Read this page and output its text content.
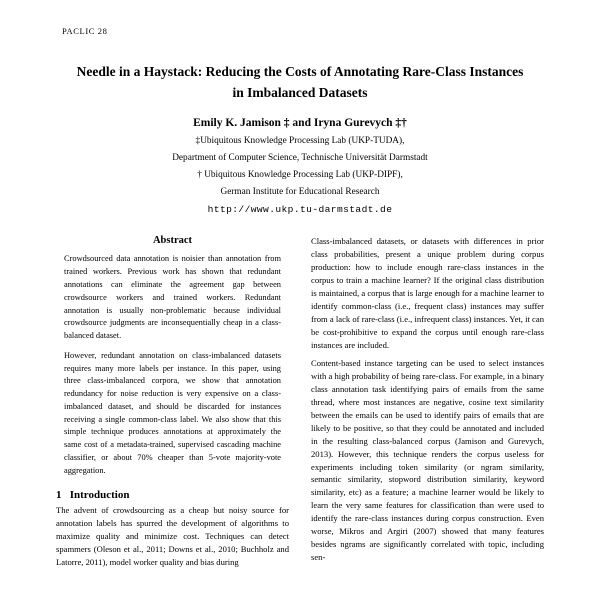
PACLIC 28
Needle in a Haystack: Reducing the Costs of Annotating Rare-Class Instances in Imbalanced Datasets
Emily K. Jamison ‡ and Iryna Gurevych ‡†
‡Ubiquitous Knowledge Processing Lab (UKP-TUDA),
Department of Computer Science, Technische Universität Darmstadt
† Ubiquitous Knowledge Processing Lab (UKP-DIPF),
German Institute for Educational Research
http://www.ukp.tu-darmstadt.de
Abstract

Crowdsourced data annotation is noisier than annotation from trained workers. Previous work has shown that redundant annotations can eliminate the agreement gap between crowdsource workers and trained workers. Redundant annotation is usually non-problematic because individual crowdsource judgments are inconsequentially cheap in a class-balanced dataset.

However, redundant annotation on class-imbalanced datasets requires many more labels per instance. In this paper, using three class-imbalanced corpora, we show that annotation redundancy for noise reduction is very expensive on a class-imbalanced dataset, and should be discarded for instances receiving a single common-class label. We also show that this simple technique produces annotations at approximately the same cost of a metadata-trained, supervised cascading machine classifier, or about 70% cheaper than 5-vote majority-vote aggregation.

1 Introduction

The advent of crowdsourcing as a cheap but noisy source for annotation labels has spurred the development of algorithms to maximize quality and minimize cost. Techniques can detect spammers (Oleson et al., 2011; Downs et al., 2010; Buchholz and Latorre, 2011), model worker quality and bias during

Class-imbalanced datasets, or datasets with differences in prior class probabilities, present a unique problem during corpus production: how to include enough rare-class instances in the corpus to train a machine learner? If the original class distribution is maintained, a corpus that is large enough for a machine learner to identify common-class (i.e., frequent class) instances may suffer from a lack of rare-class (i.e., infrequent class) instances. Yet, it can be cost-prohibitive to expand the corpus until enough rare-class instances are included.

Content-based instance targeting can be used to select instances with a high probability of being rare-class. For example, in a binary class annotation task identifying pairs of emails from the same thread, where most instances are negative, cosine text similarity between the emails can be used to identify pairs of emails that are likely to be positive, so that they could be annotated and included in the resulting class-balanced corpus (Jamison and Gurevych, 2013). However, this technique renders the corpus useless for experiments including token similarity (or ngram similarity, semantic similarity, stopword distribution similarity, keyword similarity, etc) as a feature; a machine learner would be likely to learn the very same features for classification than were used to identify the rare-class instances during corpus construction. Even worse, Mikros and Argiri (2007) showed that many features besides ngrams are significantly correlated with topic, including sen-
